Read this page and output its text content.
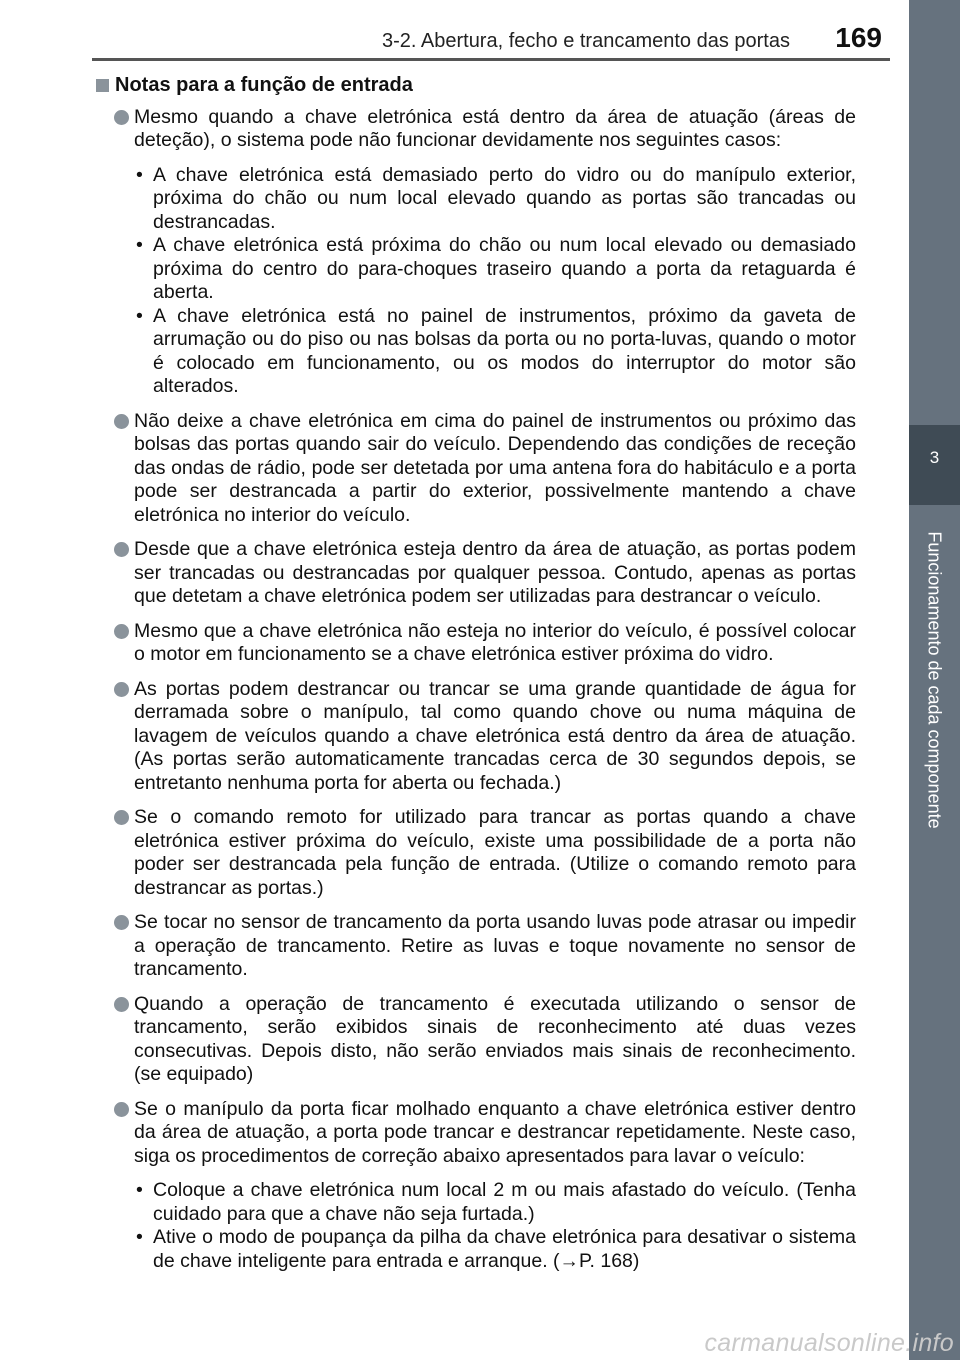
3-2. Abertura, fecho e trancamento das portas 169
3
Funcionamento de cada componente
Notas para a função de entrada
Mesmo quando a chave eletrónica está dentro da área de atuação (áreas de deteção), o sistema pode não funcionar devidamente nos seguintes casos:
• A chave eletrónica está demasiado perto do vidro ou do manípulo exterior, próxima do chão ou num local elevado quando as portas são trancadas ou destrancadas.
• A chave eletrónica está próxima do chão ou num local elevado ou demasiado próxima do centro do para-choques traseiro quando a porta da retaguarda é aberta.
• A chave eletrónica está no painel de instrumentos, próximo da gaveta de arrumação ou do piso ou nas bolsas da porta ou no porta-luvas, quando o motor é colocado em funcionamento, ou os modos do interruptor do motor são alterados.
Não deixe a chave eletrónica em cima do painel de instrumentos ou próximo das bolsas das portas quando sair do veículo. Dependendo das condições de receção das ondas de rádio, pode ser detetada por uma antena fora do habitáculo e a porta pode ser destrancada a partir do exterior, possivelmente mantendo a chave eletrónica no interior do veículo.
Desde que a chave eletrónica esteja dentro da área de atuação, as portas podem ser trancadas ou destrancadas por qualquer pessoa. Contudo, apenas as portas que detetam a chave eletrónica podem ser utilizadas para destrancar o veículo.
Mesmo que a chave eletrónica não esteja no interior do veículo, é possível colocar o motor em funcionamento se a chave eletrónica estiver próxima do vidro.
As portas podem destrancar ou trancar se uma grande quantidade de água for derramada sobre o manípulo, tal como quando chove ou numa máquina de lavagem de veículos quando a chave eletrónica está dentro da área de atuação. (As portas serão automaticamente trancadas cerca de 30 segundos depois, se entretanto nenhuma porta for aberta ou fechada.)
Se o comando remoto for utilizado para trancar as portas quando a chave eletrónica estiver próxima do veículo, existe uma possibilidade de a porta não poder ser destrancada pela função de entrada. (Utilize o comando remoto para destrancar as portas.)
Se tocar no sensor de trancamento da porta usando luvas pode atrasar ou impedir a operação de trancamento. Retire as luvas e toque novamente no sensor de trancamento.
Quando a operação de trancamento é executada utilizando o sensor de trancamento, serão exibidos sinais de reconhecimento até duas vezes consecutivas. Depois disto, não serão enviados mais sinais de reconhecimento. (se equipado)
Se o manípulo da porta ficar molhado enquanto a chave eletrónica estiver dentro da área de atuação, a porta pode trancar e destrancar repetidamente. Neste caso, siga os procedimentos de correção abaixo apresentados para lavar o veículo:
• Coloque a chave eletrónica num local 2 m ou mais afastado do veículo. (Tenha cuidado para que a chave não seja furtada.)
• Ative o modo de poupança da pilha da chave eletrónica para desativar o sistema de chave inteligente para entrada e arranque. (→P. 168)
carmanualsonline.info
